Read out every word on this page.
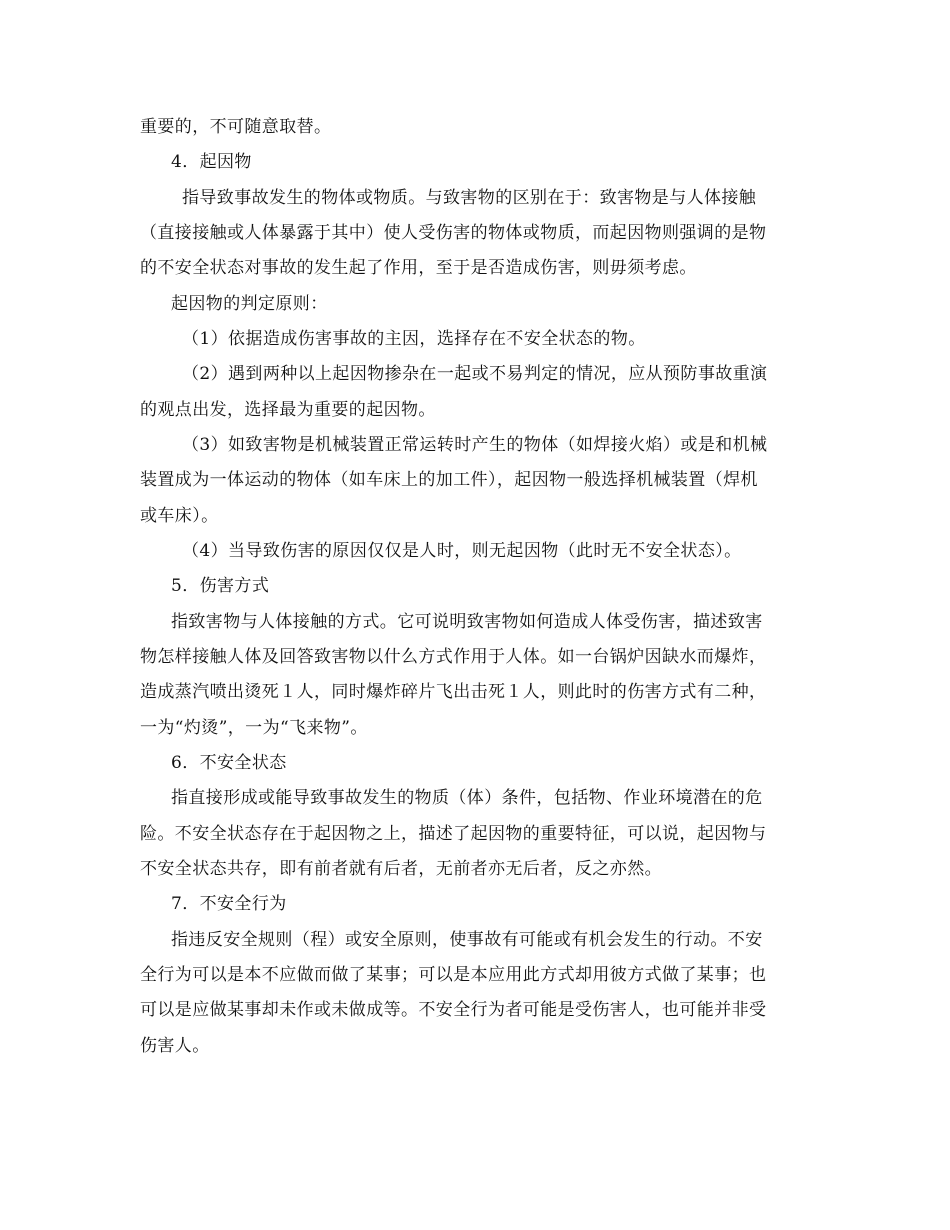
重要的，不可随意取替。
4．起因物
指导致事故发生的物体或物质。与致害物的区别在于：致害物是与人体接触
（直接接触或人体暴露于其中）使人受伤害的物体或物质，而起因物则强调的是物
的不安全状态对事故的发生起了作用，至于是否造成伤害，则毋须考虑。
起因物的判定原则：
（1）依据造成伤害事故的主因，选择存在不安全状态的物。
（2）遇到两种以上起因物掺杂在一起或不易判定的情况，应从预防事故重演
的观点出发，选择最为重要的起因物。
（3）如致害物是机械装置正常运转时产生的物体（如焊接火焰）或是和机械
装置成为一体运动的物体（如车床上的加工件），起因物一般选择机械装置（焊机
或车床）。
（4）当导致伤害的原因仅仅是人时，则无起因物（此时无不安全状态）。
5．伤害方式
指致害物与人体接触的方式。它可说明致害物如何造成人体受伤害，描述致害
物怎样接触人体及回答致害物以什么方式作用于人体。如一台锅炉因缺水而爆炸，
造成蒸汽喷出烫死１人，同时爆炸碎片飞出击死１人，则此时的伤害方式有二种，
一为“灼烫”，一为“飞来物”。
6．不安全状态
指直接形成或能导致事故发生的物质（体）条件，包括物、作业环境潜在的危
险。不安全状态存在于起因物之上，描述了起因物的重要特征，可以说，起因物与
不安全状态共存，即有前者就有后者，无前者亦无后者，反之亦然。
7．不安全行为
指违反安全规则（程）或安全原则，使事故有可能或有机会发生的行动。不安
全行为可以是本不应做而做了某事；可以是本应用此方式却用彼方式做了某事；也
可以是应做某事却未作或未做成等。不安全行为者可能是受伤害人，也可能并非受
伤害人。
